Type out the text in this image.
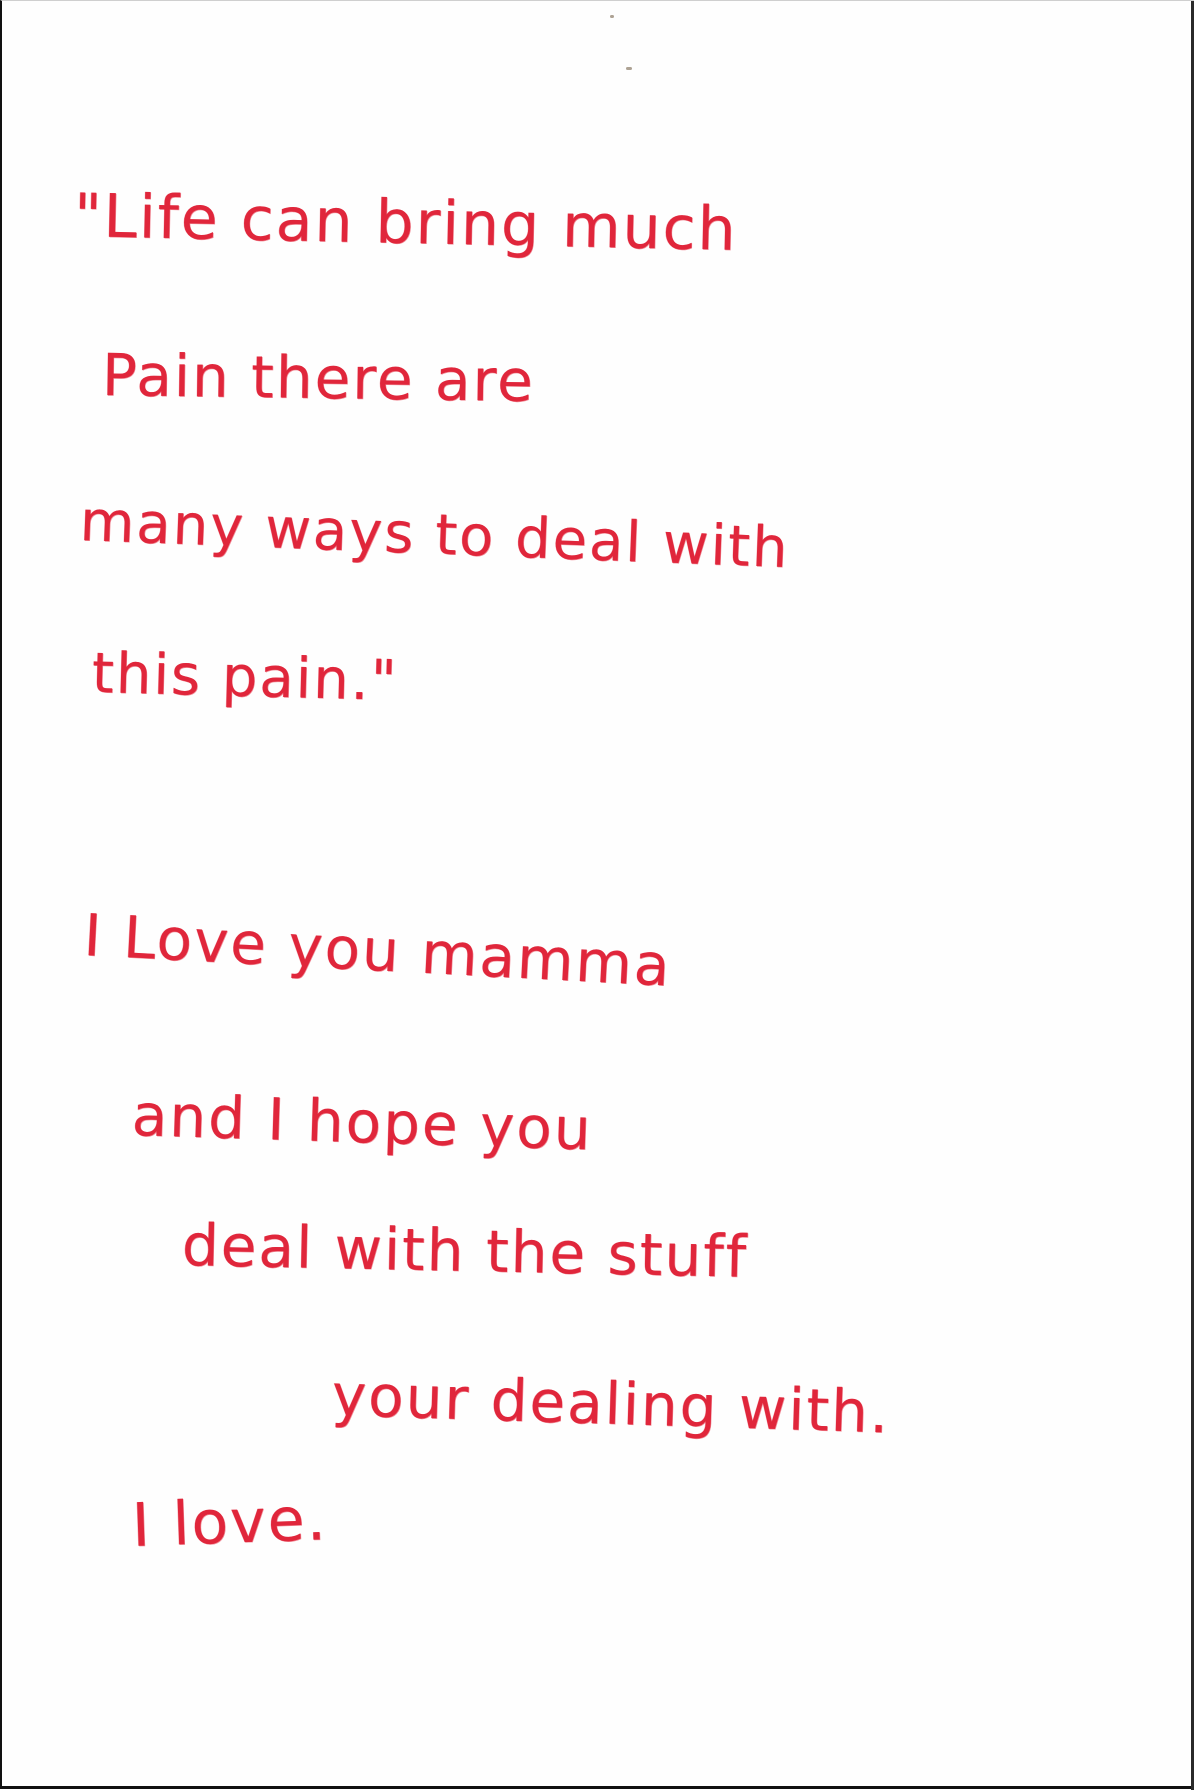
"Life can bring much
Pain there are
many ways to deal with
this pain."
I Love you mamma
and I hope you
deal with the stuff
your dealing with.
I love.
